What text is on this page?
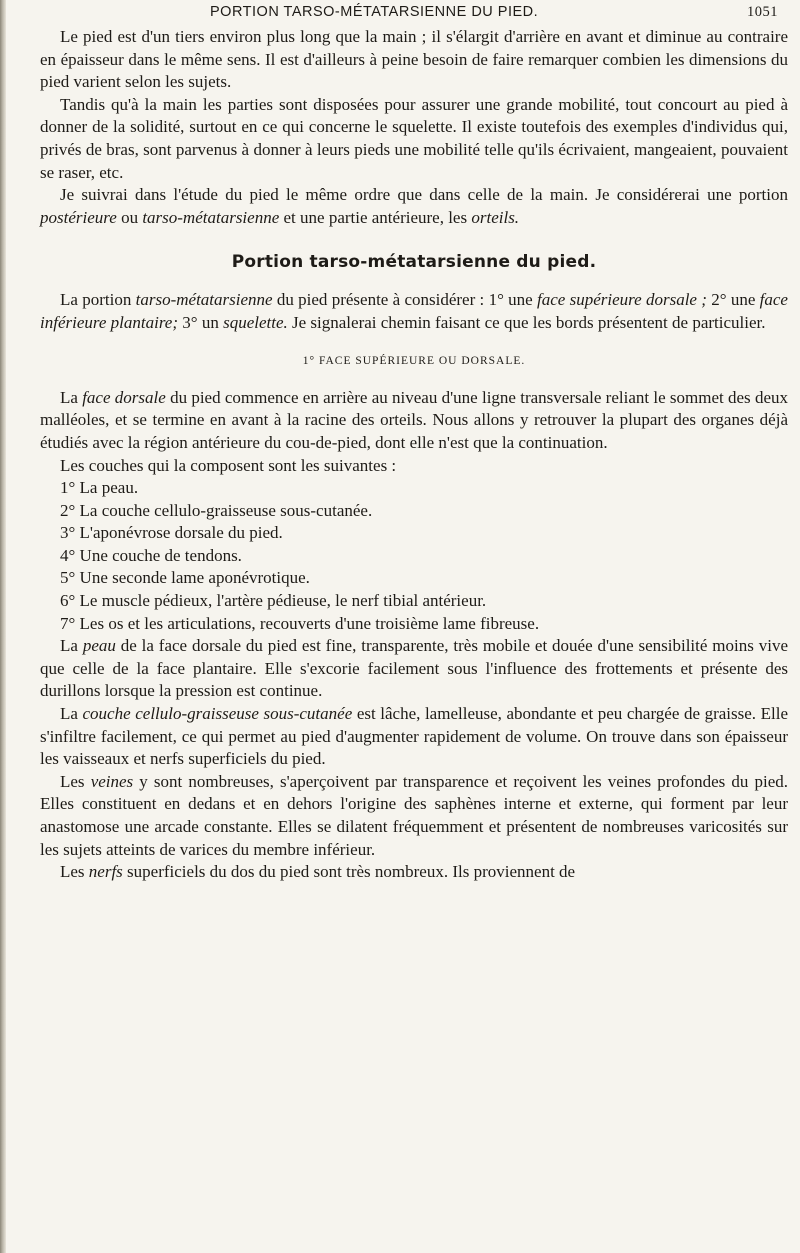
PORTION TARSO-MÉTATARSIENNE DU PIED.	1051

Le pied est d'un tiers environ plus long que la main ; il s'élargit d'arrière en avant et diminue au contraire en épaisseur dans le même sens. Il est d'ailleurs à peine besoin de faire remarquer combien les dimensions du pied varient selon les sujets.

Tandis qu'à la main les parties sont disposées pour assurer une grande mobilité, tout concourt au pied à donner de la solidité, surtout en ce qui concerne le squelette. Il existe toutefois des exemples d'individus qui, privés de bras, sont parvenus à donner à leurs pieds une mobilité telle qu'ils écrivaient, mangeaient, pouvaient se raser, etc.

Je suivrai dans l'étude du pied le même ordre que dans celle de la main. Je considérerai une portion postérieure ou tarso-métatarsienne et une partie antérieure, les orteils.

Portion tarso-métatarsienne du pied.

La portion tarso-métatarsienne du pied présente à considérer : 1° une face supérieure dorsale ; 2° une face inférieure plantaire; 3° un squelette. Je signalerai chemin faisant ce que les bords présentent de particulier.

1° FACE SUPÉRIEURE OU DORSALE.

La face dorsale du pied commence en arrière au niveau d'une ligne transversale reliant le sommet des deux malléoles, et se termine en avant à la racine des orteils. Nous allons y retrouver la plupart des organes déjà étudiés avec la région antérieure du cou-de-pied, dont elle n'est que la continuation.

Les couches qui la composent sont les suivantes :

1° La peau.
2° La couche cellulo-graisseuse sous-cutanée.
3° L'aponévrose dorsale du pied.
4° Une couche de tendons.
5° Une seconde lame aponévrotique.
6° Le muscle pédieux, l'artère pédieuse, le nerf tibial antérieur.
7° Les os et les articulations, recouverts d'une troisième lame fibreuse.

La peau de la face dorsale du pied est fine, transparente, très mobile et douée d'une sensibilité moins vive que celle de la face plantaire. Elle s'excorie facilement sous l'influence des frottements et présente des durillons lorsque la pression est continue.

La couche cellulo-graisseuse sous-cutanée est lâche, lamelleuse, abondante et peu chargée de graisse. Elle s'infiltre facilement, ce qui permet au pied d'augmenter rapidement de volume. On trouve dans son épaisseur les vaisseaux et nerfs superficiels du pied.

Les veines y sont nombreuses, s'aperçoivent par transparence et reçoivent les veines profondes du pied. Elles constituent en dedans et en dehors l'origine des saphènes interne et externe, qui forment par leur anastomose une arcade constante. Elles se dilatent fréquemment et présentent de nombreuses varicosités sur les sujets atteints de varices du membre inférieur.

Les nerfs superficiels du dos du pied sont très nombreux. Ils proviennent de
